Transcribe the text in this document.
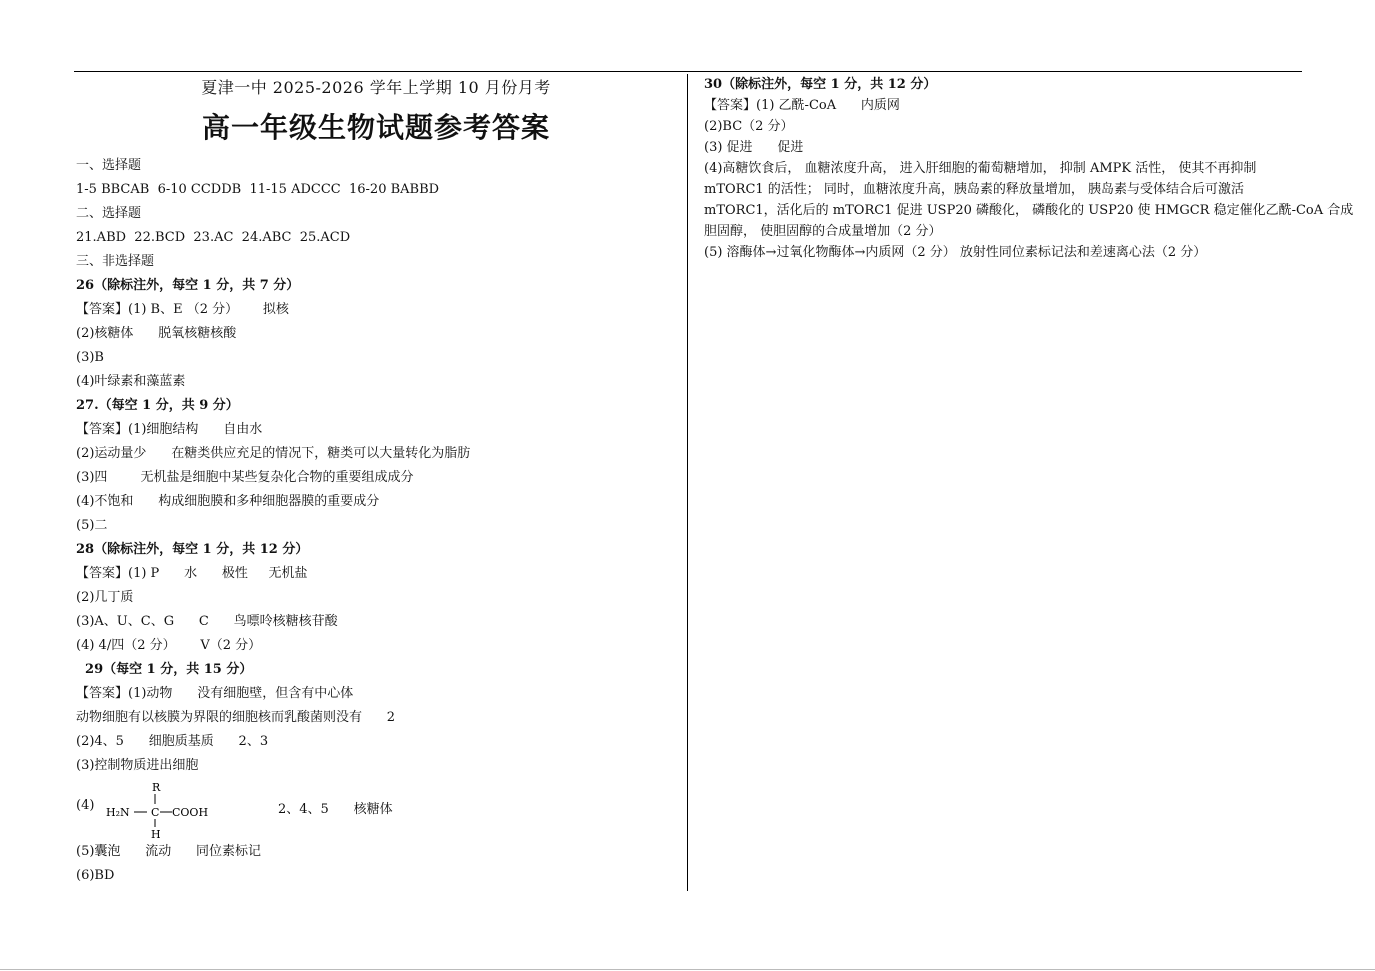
夏津一中 2025-2026 学年上学期 10 月份月考
高一年级生物试题参考答案
一、选择题
1-5 BBCAB  6-10 CCDDB  11-15 ADCCC  16-20 BABBD
二、选择题
21.ABD  22.BCD  23.AC  24.ABC  25.ACD
三、非选择题
26（除标注外，每空 1 分，共 7 分）
【答案】(1) B、E （2 分）      拟核
(2)核糖体      脱氧核糖核酸
(3)B
(4)叶绿素和藻蓝素
27.（每空 1 分，共 9 分）
【答案】(1)细胞结构      自由水
(2)运动量少      在糖类供应充足的情况下，糖类可以大量转化为脂肪
(3)四        无机盐是细胞中某些复杂化合物的重要组成成分
(4)不饱和      构成细胞膜和多种细胞器膜的重要成分
(5)二
28（除标注外，每空 1 分，共 12 分）
【答案】(1) P      水      极性     无机盐
(2)几丁质
(3)A、U、C、G      C      鸟嘌呤核糖核苷酸
(4) 4/四（2 分）      V（2 分）
29（每空 1 分，共 15 分）
【答案】(1)动物      没有细胞壁，但含有中心体
动物细胞有以核膜为界限的细胞核而乳酸菌则没有      2
(2)4、5      细胞质基质      2、3
(3)控制物质进出细胞
(4)
R
H₂N C COOH
H
2、4、5      核糖体
(5)囊泡      流动      同位素标记
(6)BD
30（除标注外，每空 1 分，共 12 分）
【答案】(1) 乙酰-CoA      内质网
(2)BC（2 分）
(3) 促进      促进
(4)高糖饮食后， 血糖浓度升高， 进入肝细胞的葡萄糖增加， 抑制 AMPK 活性， 使其不再抑制
mTORC1 的活性； 同时，血糖浓度升高，胰岛素的释放量增加， 胰岛素与受体结合后可激活
mTORC1，活化后的 mTORC1 促进 USP20 磷酸化， 磷酸化的 USP20 使 HMGCR 稳定催化乙酰-CoA 合成
胆固醇， 使胆固醇的合成量增加（2 分）
(5) 溶酶体→过氧化物酶体→内质网（2 分） 放射性同位素标记法和差速离心法（2 分）
